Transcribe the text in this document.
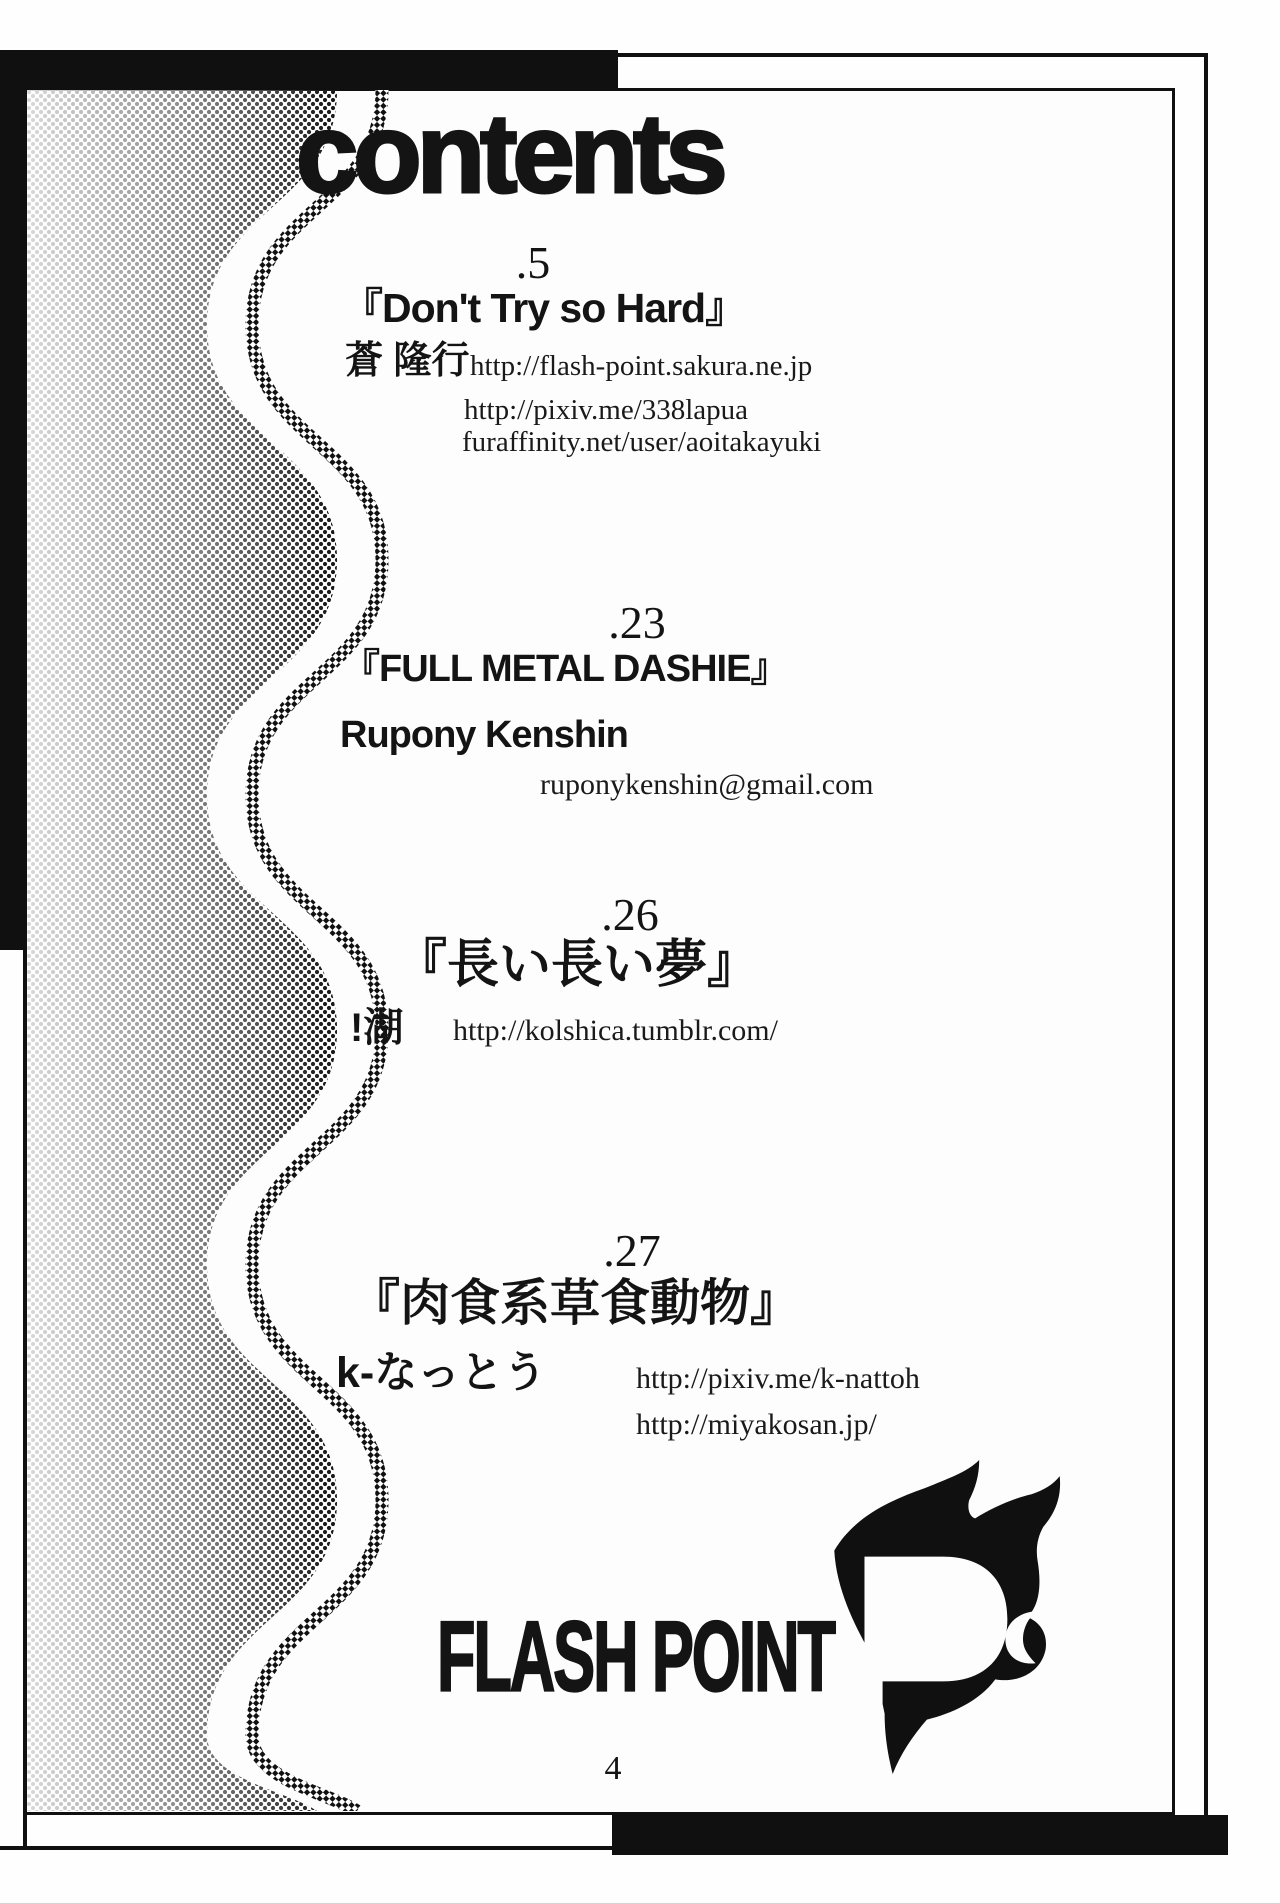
contents
.5
『Don't Try so Hard』
蒼 隆行 http://flash-point.sakura.ne.jp
http://pixiv.me/338lapua
furaffinity.net/user/aoitakayuki
.23
『FULL METAL DASHIE』
Rupony Kenshin
ruponykenshin@gmail.com
.26
『長い長い夢』
!湖 http://kolshica.tumblr.com/
.27
『肉食系草食動物』
k-なっとう	http://pixiv.me/k-nattoh
http://miyakosan.jp/
FLASH POINT
4
